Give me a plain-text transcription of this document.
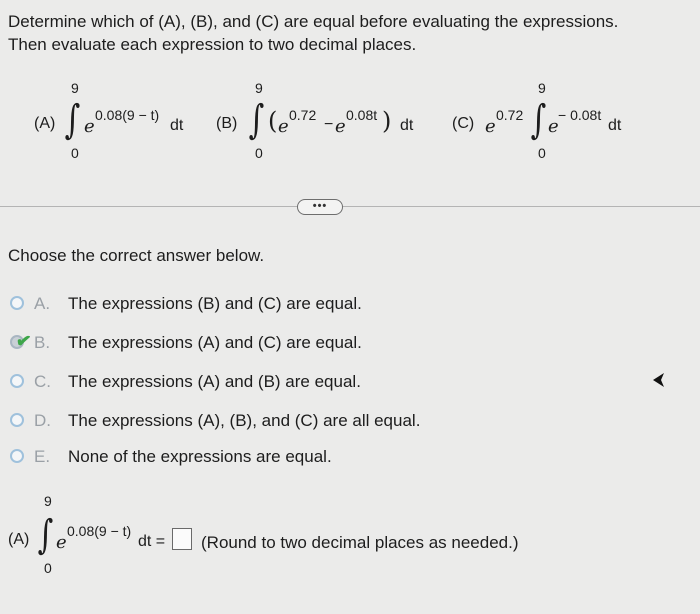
Determine which of (A), (B), and (C) are equal before evaluating the expressions.
Then evaluate each expression to two decimal places.
(A)
9
∫
0
e
0.08(9 − t)
dt (B)
9
∫
0
( e
0.72
− e
0.08t ) dt (C) e
0.72
9
∫
0
e
− 0.08t
dt
•••
Choose the correct answer below.
A. The expressions (B) and (C) are equal.
✔ B. The expressions (A) and (C) are equal.
C. The expressions (A) and (B) are equal.
D. The expressions (A), (B), and (C) are all equal.
E. None of the expressions are equal.
(A)
9
∫
0
e
0.08(9 − t)
dt = (Round to two decimal places as needed.)
